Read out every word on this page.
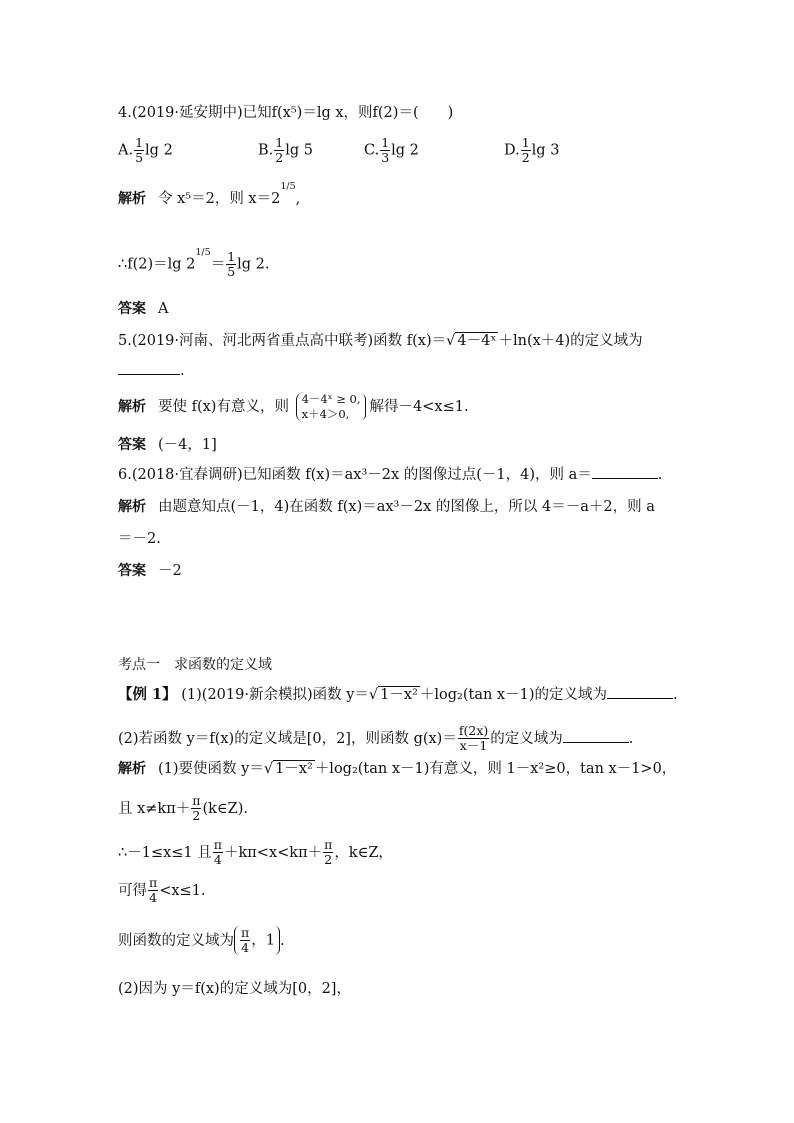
4.(2019·延安期中)已知f(x⁵)＝lg x，则f(2)＝(　　)
A. $\frac{1}{5}$ lg 2	B. $\frac{1}{2}$ lg 5	C. $\frac{1}{3}$ lg 2	D. $\frac{1}{2}$ lg 3
解析 令 x⁵＝2，则 $x=2^{1/5}$,
∴f(2)＝lg $2^{1/5}= \frac{1}{5}$ lg 2.
答案 A
5.(2019·河南、河北两省重点高中联考)函数 f(x)＝√ 4－4ˣ ＋ln(x＋4)的定义域为
.
解析 要使 f(x)有意义，则 4－4ˣ ≥ 0,
x＋4＞0,	解得－4<x≤1.
答案 (－4，1]
6.(2018·宜春调研)已知函数 f(x)＝ax³－2x 的图像过点(－1，4)，则 a＝	.
解析 由题意知点(－1，4)在函数 f(x)＝ax³－2x 的图像上，所以 4＝－a＋2，则 a
＝－2.
答案 －2
考点一　求函数的定义域
【例 1】 (1)(2019·新余模拟)函数 y＝√ 1－x² ＋log₂(tan x－1)的定义域为	.
(2)若函数 y＝f(x)的定义域是[0，2]，则函数 $g(x)= \frac{f(2x)}{x-1}$ 的定义域为	.
解析 (1)要使函数 y＝√ 1－x² ＋log₂(tan x－1)有意义，则 1－x²≥0，tan x－1>0，
且 $x\ne k\pi+ \frac{\pi}{2}$ (k∈Z).
∴－1≤x≤1 且 $\frac{\pi}{4} +k\pi<x<k\pi+ \frac{\pi}{2}$ ，k∈Z，
可得 $\frac{\pi}{4} <x\le 1$.
则函数的定义域为 $\frac{\pi}{4}$ ，1 .
(2)因为 y＝f(x)的定义域为[0，2]，
